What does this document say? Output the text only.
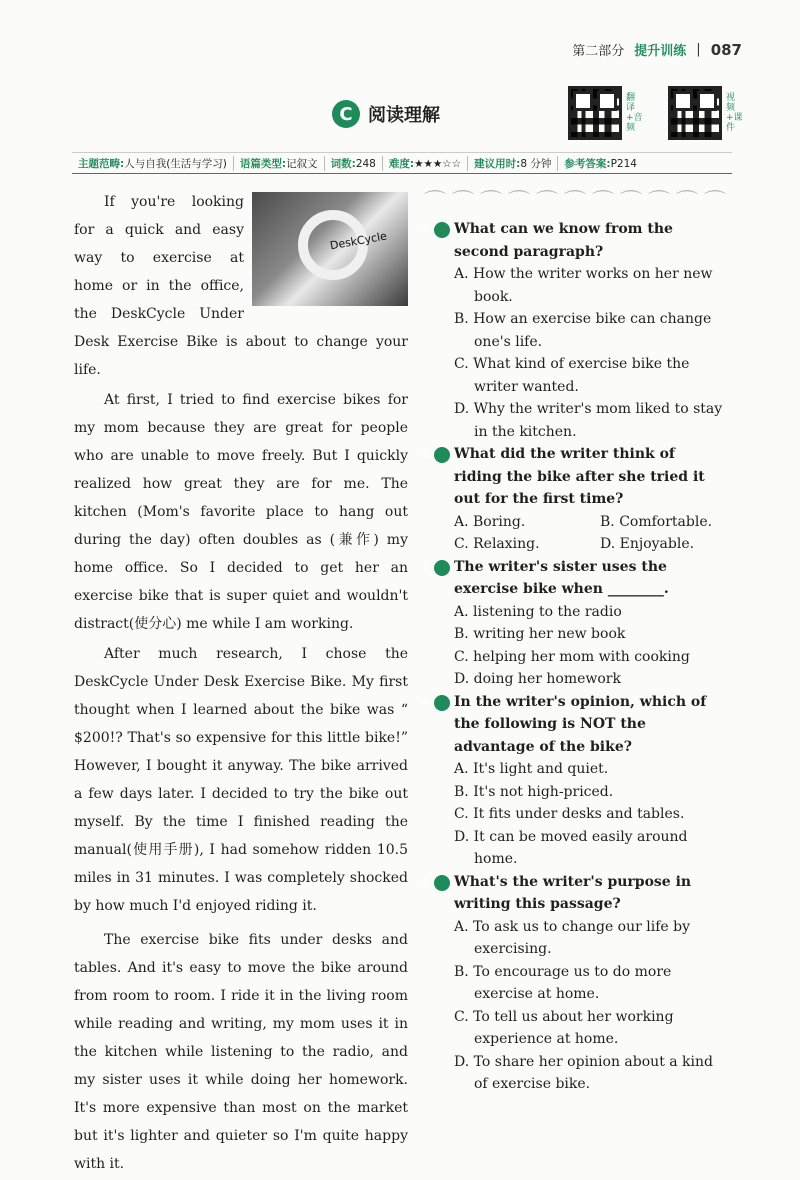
第二部分 提升训练 | 087
C 阅读理解
翻译+音频
视频+课件
主题范畴:人与自我(生活与学习)	语篇类型:记叙文	词数:248	难度:★★★☆☆	建议用时:8 分钟	参考答案:P214

DeskCycle
If you're looking for a quick and easy way to exercise at home or in the office, the DeskCycle Under Desk Exercise Bike is about to change your life.

At first, I tried to find exercise bikes for my mom because they are great for people who are unable to move freely. But I quickly realized how great they are for me. The kitchen (Mom's favorite place to hang out during the day) often doubles as (兼作) my home office. So I decided to get her an exercise bike that is super quiet and wouldn't distract(使分心) me while I am working.

After much research, I chose the DeskCycle Under Desk Exercise Bike. My first thought when I learned about the bike was “ $200!? That's so expensive for this little bike!” However, I bought it anyway. The bike arrived a few days later. I decided to try the bike out myself. By the time I finished reading the manual(使用手册), I had somehow ridden 10.5 miles in 31 minutes. I was completely shocked by how much I'd enjoyed riding it.

The exercise bike fits under desks and tables. And it's easy to move the bike around from room to room. I ride it in the living room while reading and writing, my mom uses it in the kitchen while listening to the radio, and my sister uses it while doing her homework. It's more expensive than most on the market but it's lighter and quieter so I'm quite happy with it.

⌒⌒⌒⌒⌒⌒⌒⌒⌒⌒⌒
1 What can we know from the second paragraph?
A. How the writer works on her new book.
B. How an exercise bike can change one's life.
C. What kind of exercise bike the writer wanted.
D. Why the writer's mom liked to stay in the kitchen.
2 What did the writer think of riding the bike after she tried it out for the first time?
A. Boring.	B. Comfortable.
C. Relaxing.	D. Enjoyable.
3 The writer's sister uses the exercise bike when ________.
A. listening to the radio
B. writing her new book
C. helping her mom with cooking
D. doing her homework
4 In the writer's opinion, which of the following is NOT the advantage of the bike?
A. It's light and quiet.
B. It's not high-priced.
C. It fits under desks and tables.
D. It can be moved easily around home.
5 What's the writer's purpose in writing this passage?
A. To ask us to change our life by exercising.
B. To encourage us to do more exercise at home.
C. To tell us about her working experience at home.
D. To share her opinion about a kind of exercise bike.
